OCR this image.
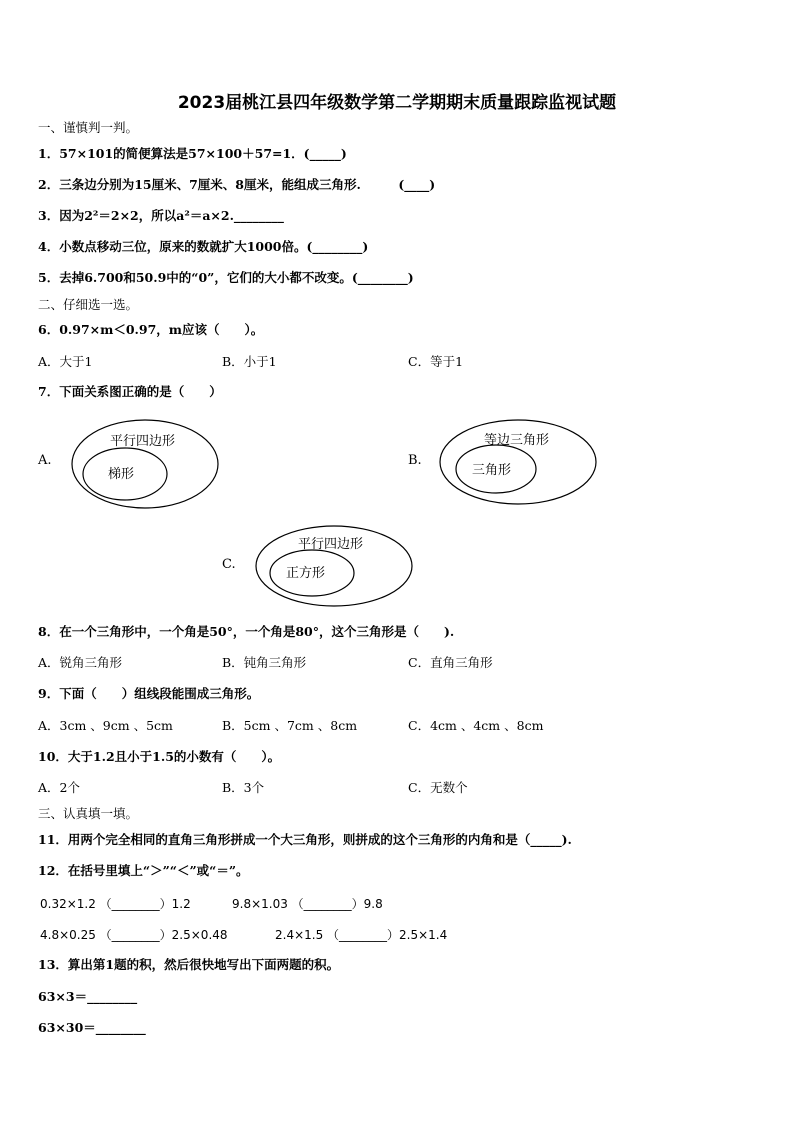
2023届桃江县四年级数学第二学期期末质量跟踪监视试题
一、谨慎判一判。
1．57×101的简便算法是57×100＋57=1．(_____)
2．三条边分别为15厘米、7厘米、8厘米，能组成三角形.　　　(____)
3．因为2²＝2×2，所以a²＝a×2.________
4．小数点移动三位，原来的数就扩大1000倍。(________)
5．去掉6.700和50.9中的“0”，它们的大小都不改变。(________)
二、仔细选一选。
6．0.97×m＜0.97，m应该（　　）。
A．大于1	B．小于1	C．等于1
7．下面关系图正确的是（　　）
A.
平行四边形
梯形
B.
等边三角形
三角形
C.
平行四边形
正方形
8．在一个三角形中，一个角是50°，一个角是80°，这个三角形是（　　).
A．锐角三角形	B．钝角三角形	C．直角三角形
9．下面（　　）组线段能围成三角形。
A．3cm 、9cm 、5cm	B．5cm 、7cm 、8cm	C．4cm 、4cm 、8cm
10．大于1.2且小于1.5的小数有（　　）。
A．2个	B．3个	C．无数个
三、认真填一填。
11．用两个完全相同的直角三角形拼成一个大三角形，则拼成的这个三角形的内角和是（_____).
12．在括号里填上“＞”“＜”或“＝”。
0.32×1.2 （________）1.2	9.8×1.03 （________）9.8
4.8×0.25 （________）2.5×0.48	2.4×1.5 （________）2.5×1.4
13．算出第1题的积，然后很快地写出下面两题的积。
63×3＝________
63×30＝________
